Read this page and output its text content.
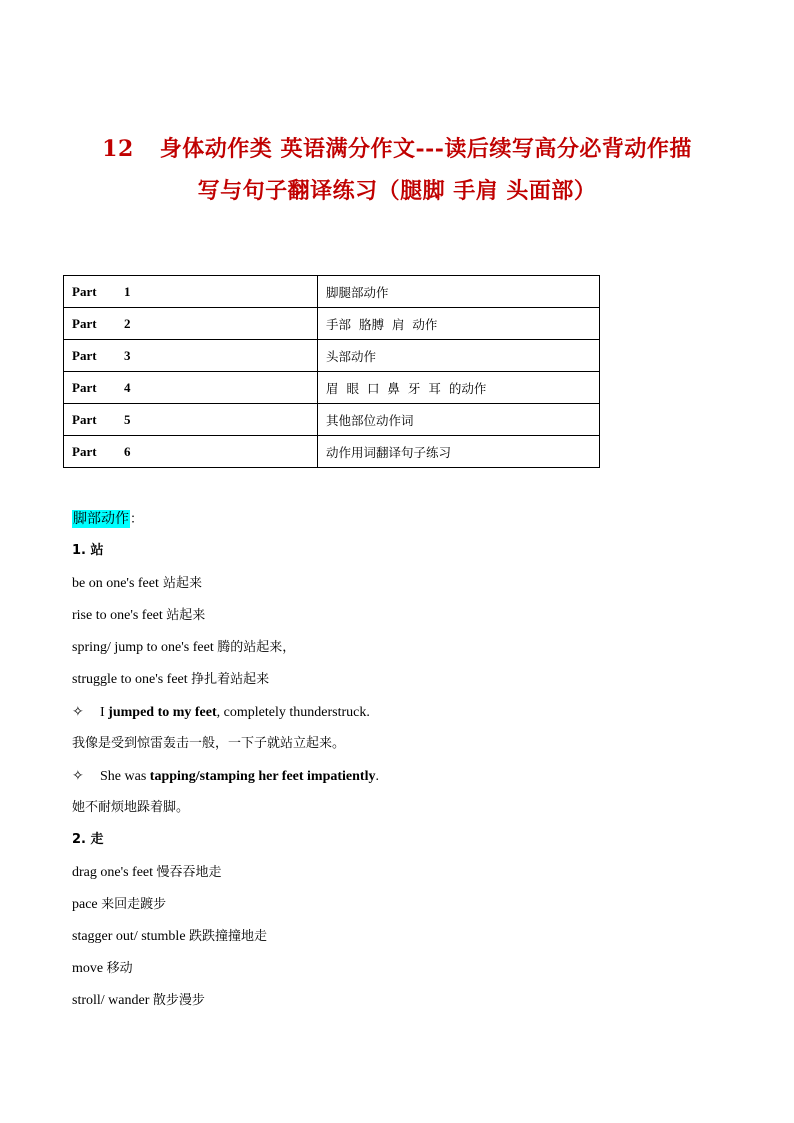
12 身体动作类 英语满分作文---读后续写高分必背动作描
写与句子翻译练习（腿脚 手肩 头面部）
Part 1	脚腿部动作
Part 2	手部 胳膊 肩 动作
Part 3	头部动作
Part 4	眉 眼 口 鼻 牙 耳 的动作
Part 5	其他部位动作词
Part 6	动作用词翻译句子练习
脚部动作：
1. 站
be on one's feet 站起来
rise to one's feet 站起来
spring/ jump to one's feet 腾的站起来，
struggle to one's feet 挣扎着站起来
✧ I jumped to my feet, completely thunderstruck.
我像是受到惊雷轰击一般，一下子就站立起来。
✧ She was tapping/stamping her feet impatiently.
她不耐烦地跺着脚。
2. 走
drag one's feet 慢吞吞地走
pace 来回走踱步
stagger out/ stumble 跌跌撞撞地走
move 移动
stroll/ wander 散步漫步
